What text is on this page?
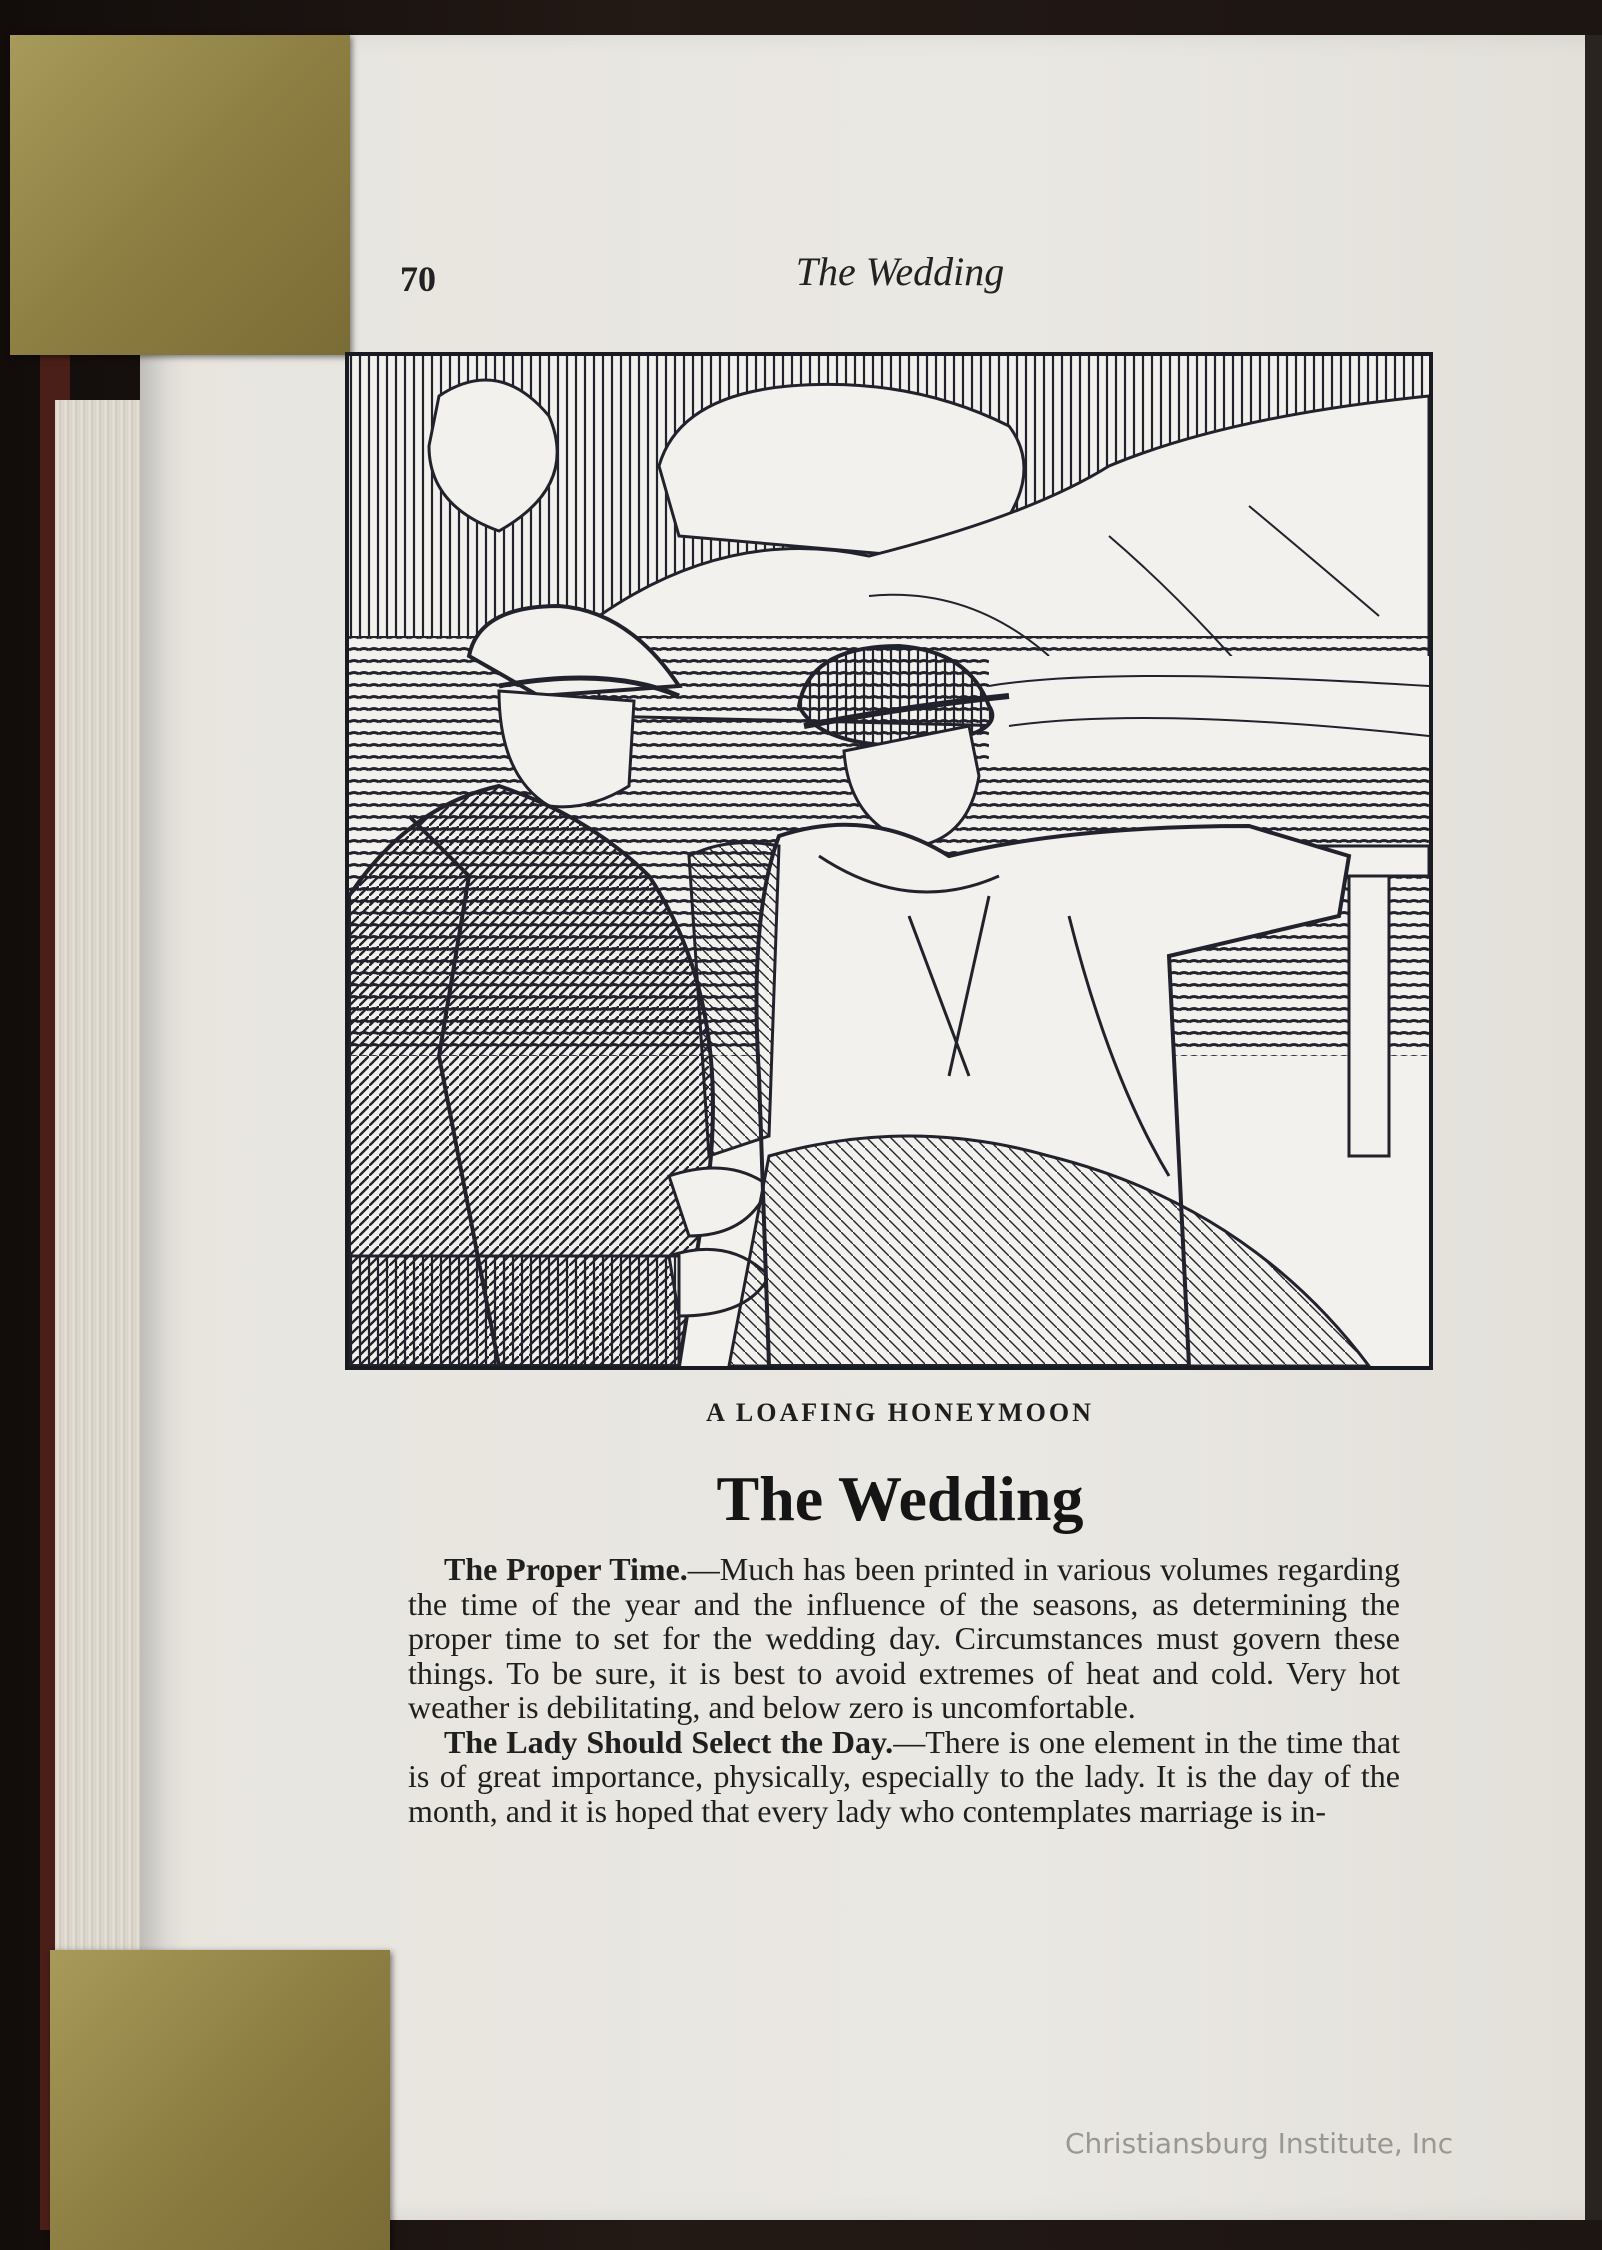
70	The Wedding

A LOAFING HONEYMOON

The Wedding

The Proper Time.—Much has been printed in various volumes regarding the time of the year and the influence of the seasons, as determining the proper time to set for the wedding day. Circumstances must govern these things. To be sure, it is best to avoid extremes of heat and cold. Very hot weather is debilitating, and below zero is uncomfortable.

The Lady Should Select the Day.—There is one element in the time that is of great importance, physically, especially to the lady. It is the day of the month, and it is hoped that every lady who contemplates marriage is in-

Christiansburg Institute, Inc
